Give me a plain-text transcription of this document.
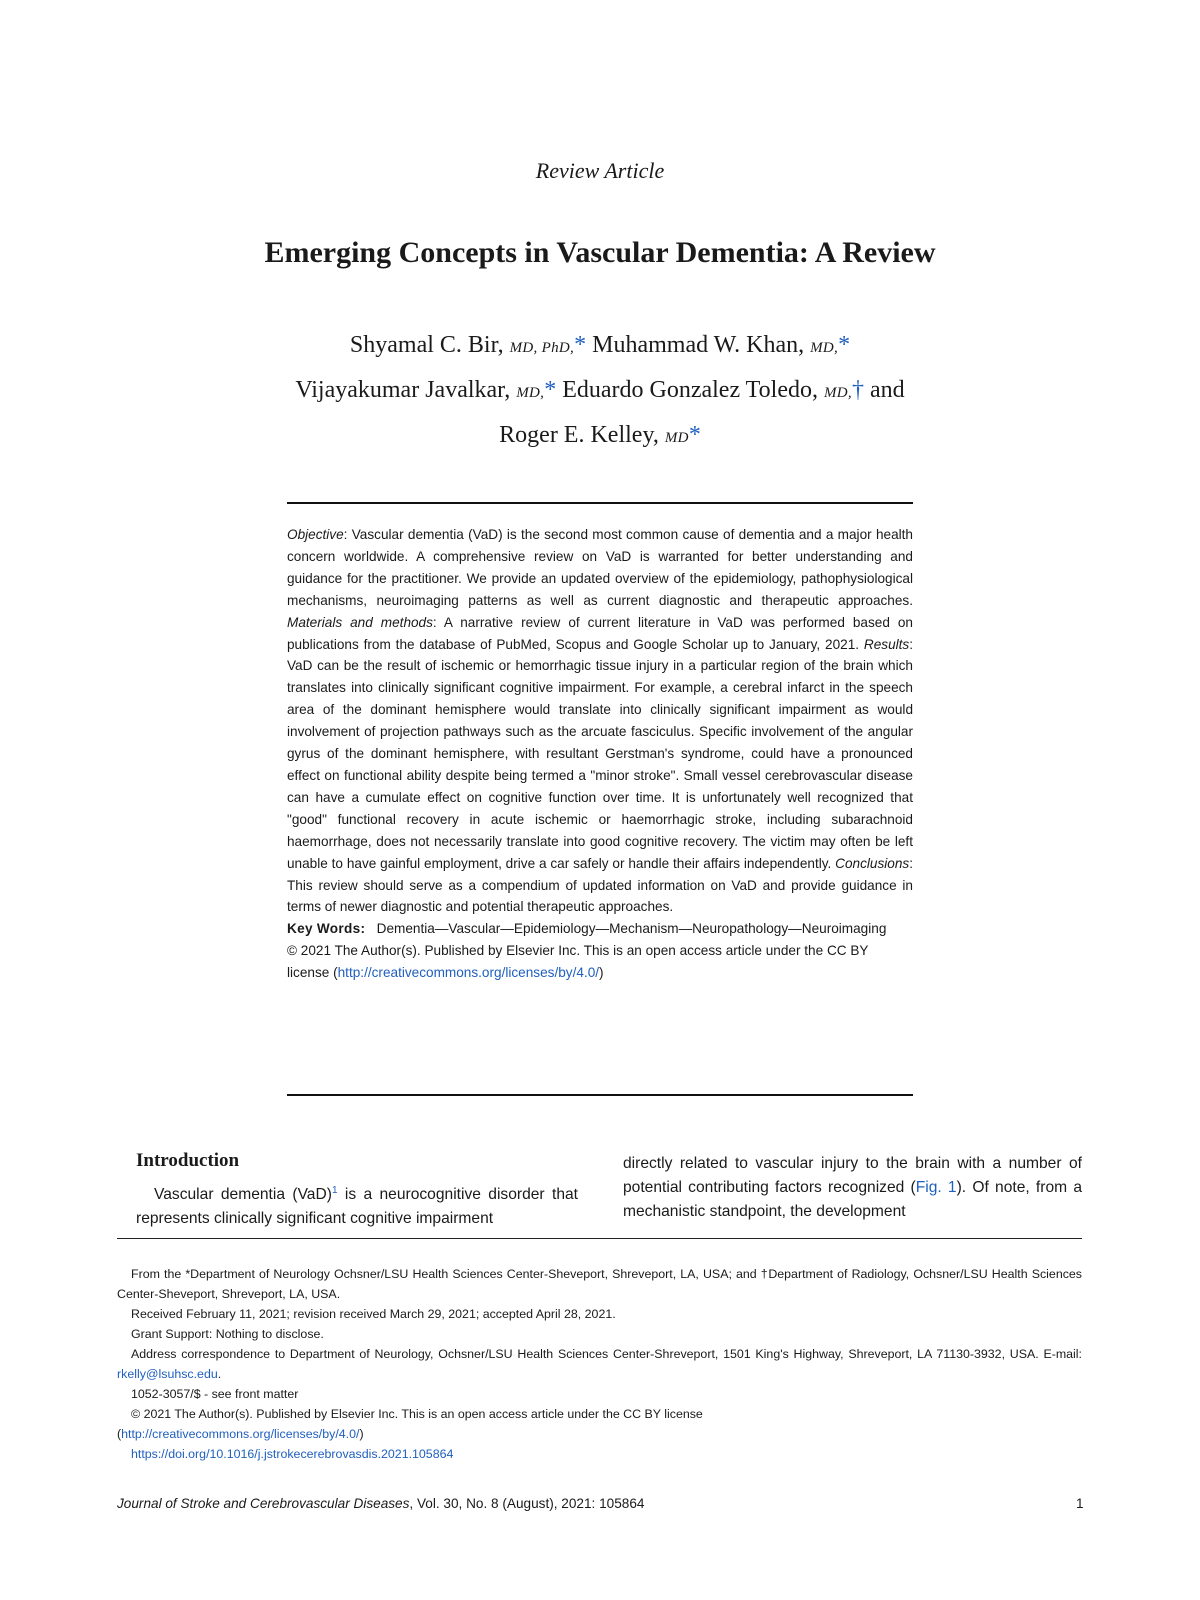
Review Article
Emerging Concepts in Vascular Dementia: A Review
Shyamal C. Bir, MD, PhD,* Muhammad W. Khan, MD,*
Vijayakumar Javalkar, MD,* Eduardo Gonzalez Toledo, MD,† and
Roger E. Kelley, MD*

Objective: Vascular dementia (VaD) is the second most common cause of dementia and a major health concern worldwide. A comprehensive review on VaD is warranted for better understanding and guidance for the practitioner. We provide an updated overview of the epidemiology, pathophysiological mechanisms, neuroimaging patterns as well as current diagnostic and therapeutic approaches. Materials and methods: A narrative review of current literature in VaD was performed based on publications from the database of PubMed, Scopus and Google Scholar up to January, 2021. Results: VaD can be the result of ischemic or hemorrhagic tissue injury in a particular region of the brain which translates into clinically significant cognitive impairment. For example, a cerebral infarct in the speech area of the dominant hemisphere would translate into clinically significant impairment as would involvement of projection pathways such as the arcuate fasciculus. Specific involvement of the angular gyrus of the dominant hemisphere, with resultant Gerstman's syndrome, could have a pronounced effect on functional ability despite being termed a "minor stroke". Small vessel cerebrovascular disease can have a cumulate effect on cognitive function over time. It is unfortunately well recognized that "good" functional recovery in acute ischemic or haemorrhagic stroke, including subarachnoid haemorrhage, does not necessarily translate into good cognitive recovery. The victim may often be left unable to have gainful employment, drive a car safely or handle their affairs independently. Conclusions: This review should serve as a compendium of updated information on VaD and provide guidance in terms of newer diagnostic and potential therapeutic approaches.

Key Words: Dementia—Vascular—Epidemiology—Mechanism—Neuropathology—Neuroimaging

© 2021 The Author(s). Published by Elsevier Inc. This is an open access article under the CC BY license (http://creativecommons.org/licenses/by/4.0/)

Introduction

Vascular dementia (VaD)$^1$ is a neurocognitive disorder that represents clinically significant cognitive impairment

directly related to vascular injury to the brain with a number of potential contributing factors recognized (Fig. 1). Of note, from a mechanistic standpoint, the development

From the *Department of Neurology Ochsner/LSU Health Sciences Center-Sheveport, Shreveport, LA, USA; and †Department of Radiology, Ochsner/LSU Health Sciences Center-Sheveport, Shreveport, LA, USA.

Received February 11, 2021; revision received March 29, 2021; accepted April 28, 2021.

Grant Support: Nothing to disclose.

Address correspondence to Department of Neurology, Ochsner/LSU Health Sciences Center-Shreveport, 1501 King's Highway, Shreveport, LA 71130-3932, USA. E-mail: rkelly@lsuhsc.edu.

1052-3057/$ - see front matter

© 2021 The Author(s). Published by Elsevier Inc. This is an open access article under the CC BY license

(http://creativecommons.org/licenses/by/4.0/)

https://doi.org/10.1016/j.jstrokecerebrovasdis.2021.105864

Journal of Stroke and Cerebrovascular Diseases, Vol. 30, No. 8 (August), 2021: 105864	1
